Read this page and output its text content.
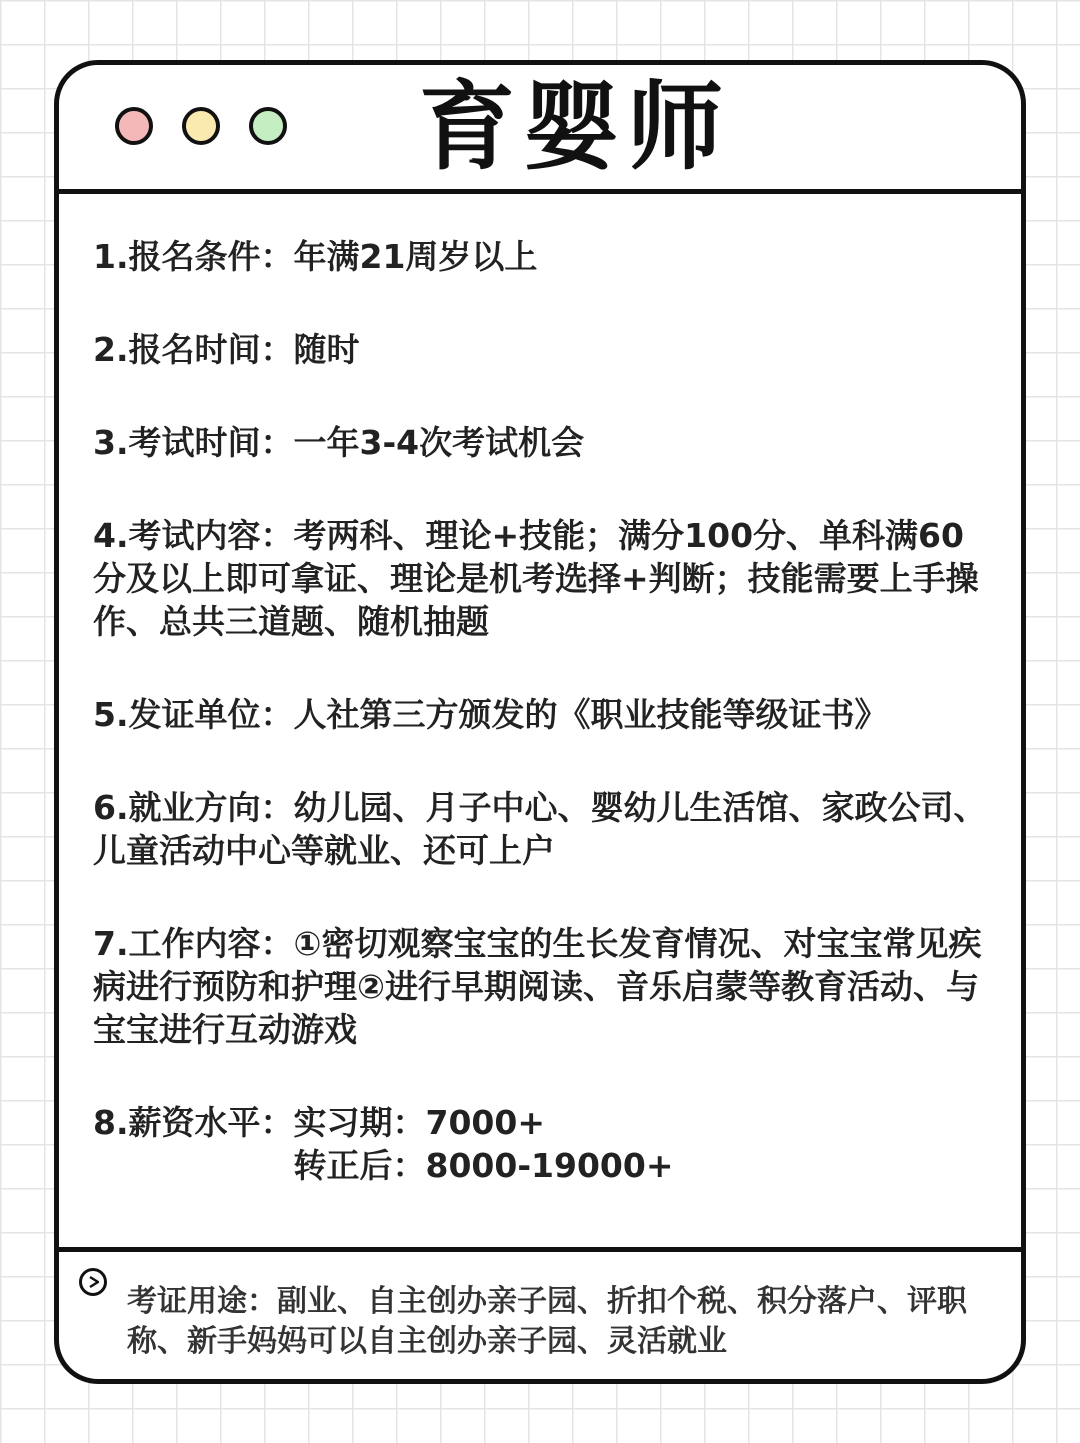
育婴师

1.报名条件：年满21周岁以上

2.报名时间：随时

3.考试时间：一年3-4次考试机会

4.考试内容：考两科、理论+技能；满分100分、单科满60分及以上即可拿证、理论是机考选择+判断；技能需要上手操作、总共三道题、随机抽题

5.发证单位：人社第三方颁发的《职业技能等级证书》

6.就业方向：幼儿园、月子中心、婴幼儿生活馆、家政公司、儿童活动中心等就业、还可上户

7.工作内容：①密切观察宝宝的生长发育情况、对宝宝常见疾病进行预防和护理②进行早期阅读、音乐启蒙等教育活动、与宝宝进行互动游戏

8.薪资水平： 实习期：7000+
转正后：8000-19000+
考证用途：副业、自主创办亲子园、折扣个税、积分落户、评职称、新手妈妈可以自主创办亲子园、灵活就业
